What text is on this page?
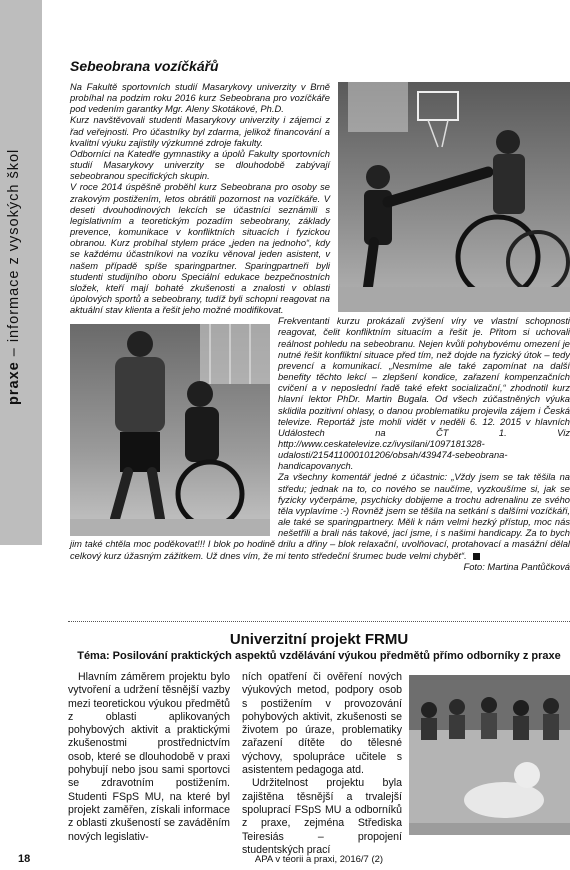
praxe – informace z vysokých škol
Sebeobrana vozíčkářů

Na Fakultě sportovních studií Masarykovy univerzity v Brně probíhal na podzim roku 2016 kurz Sebeobrana pro vozíčkáře pod vedením garantky Mgr. Aleny Skotákové, Ph.D.

Kurz navštěvovali studenti Masarykovy univerzity i zájemci z řad veřejnosti. Pro účastníky byl zdarma, jelikož financování a kvalitní výuku zajistily výzkumné zdroje fakulty.

Odborníci na Katedře gymnastiky a úpolů Fakulty sportovních studií Masarykovy univerzity se dlouhodobě zabývají sebeobranou specifických skupin.

V roce 2014 úspěšně proběhl kurz Sebeobrana pro osoby se zrakovým postižením, letos obrátili pozornost na vozíčkáře. V deseti dvouhodinových lekcích se účastníci seznámili s legislativním a teoretickým pozadím sebeobrany, základy prevence, komunikace v konfliktních situacích i fyzickou obranou. Kurz probíhal stylem práce „jeden na jednoho“, kdy se každému účastníkovi na vozíku věnoval jeden asistent, v našem případě spíše sparingpartner. Sparingpartneři byli studenti studijního oboru Speciální edukace bezpečnostních složek, kteří mají bohaté zkušenosti a znalosti v oblasti úpolových sportů a sebeobrany, tudíž byli schopni reagovat na aktuální stav klienta a řešit jeho možné modifikovat.

Frekventanti kurzu prokázali zvýšení víry ve vlastní schopnosti reagovat, čelit konfliktním situacím a řešit je. Přitom si uchovali reálnost pohledu na sebeobranu. Nejen kvůli pohybovému omezení je nutné řešit konfliktní situace před tím, než dojde na fyzický útok – tedy prevencí a komunikací. „Nesmíme ale také zapomínat na další benefity těchto lekcí – zlepšení kondice, zařazení kompenzačních cvičení a v neposlední řadě také efekt socializační,“ zhodnotil kurz hlavní lektor PhDr. Martin Bugala. Od všech zúčastněných výuka sklidila pozitivní ohlasy, o danou problematiku projevila zájem i Česká televize. Reportáž jste mohli vidět v neděli 6. 12. 2015 v hlavních Událostech na ČT 1. Viz http://www.ceskatelevize.cz/ivysilani/1097181328-udalosti/215411000101206/obsah/439474-sebeobrana-handicapovanych.

Za všechny komentář jedné z účastnic: „Vždy jsem se tak těšila na středu; jednak na to, co nového se naučíme, vyzkoušíme si, jak se fyzicky vyčerpáme, psychicky dobijeme a trochu adrenalinu ze svého těla vyplavíme :-) Rovněž jsem se těšila na setkání s dalšími vozíčkáři, ale také se sparingpartnery. Měli k nám velmi hezký přístup, moc nás nešetřili a brali nás takové, jací jsme, i s našimi handicapy. Za to bych jim také chtěla moc poděkovat!!! I blok po hodině drilu a dřiny – blok relaxační, uvolňovací, protahovací a masážní dělal celkový kurz úžasným zážitkem. Už dnes vím, že mi tento středeční šrumec bude velmi chybět“.

Foto: Martina Pantůčková

Univerzitní projekt FRMU
Téma: Posilování praktických aspektů vzdělávání výukou předmětů přímo odborníky z praxe

Hlavním záměrem projektu bylo vytvoření a udržení těsnější vazby mezi teoretickou výukou předmětů z oblasti aplikovaných pohybových aktivit a praktickými zkušenostmi prostřednictvím osob, které se dlouhodobě v praxi pohybují nebo jsou sami sportovci se zdravotním postižením. Studenti FSpS MU, na které byl projekt zaměřen, získali informace z oblasti zkušeností se zaváděním nových legislativ-

ních opatření či ověření nových výukových metod, podpory osob s postižením v provozování pohybových aktivit, zkušenosti se životem po úraze, problematiky zařazení dítěte do tělesné výchovy, spolupráce učitele s asistentem pedagoga atd.

Udržitelnost projektu byla zajištěna těsnější a trvalejší spoluprací FSpS MU a odborníků z praxe, zejména Střediska Teiresiás – propojení studentských prací

18	APA v teorii a praxi, 2016/7 (2)
